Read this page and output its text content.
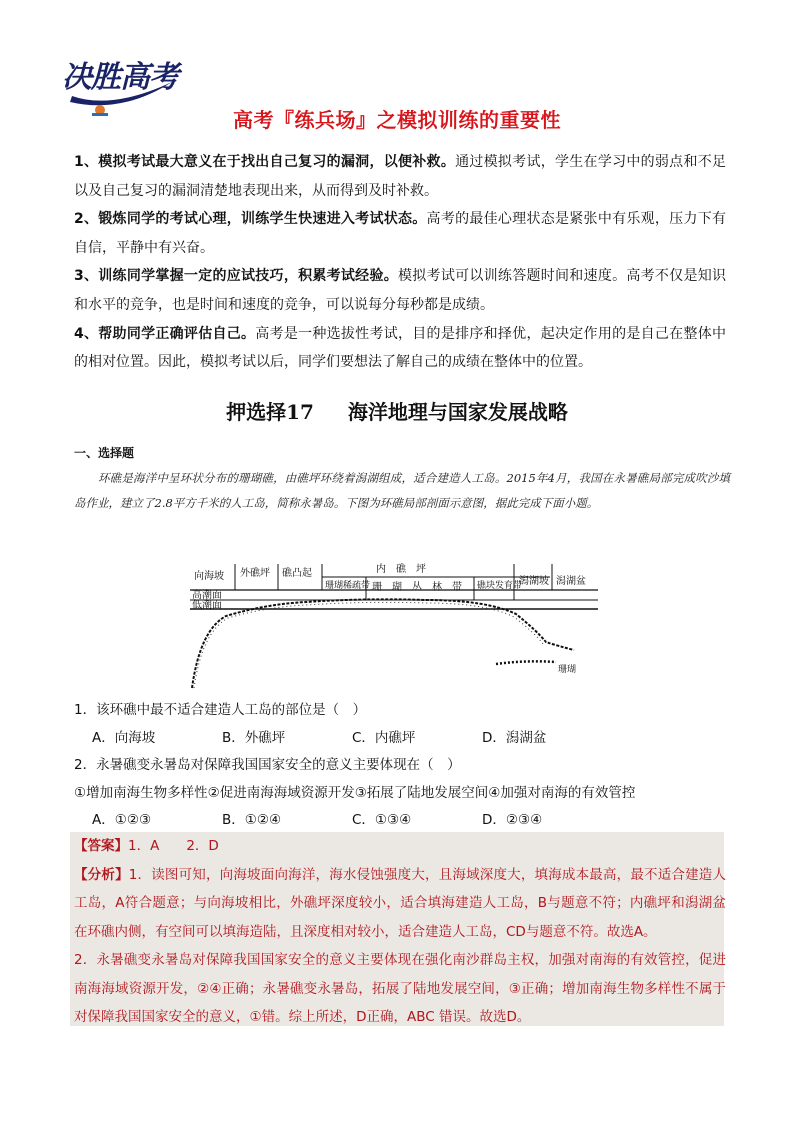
决胜高考
高考『练兵场』之模拟训练的重要性

1、模拟考试最大意义在于找出自己复习的漏洞，以便补救。通过模拟考试，学生在学习中的弱点和不足以及自己复习的漏洞清楚地表现出来，从而得到及时补救。

2、锻炼同学的考试心理，训练学生快速进入考试状态。高考的最佳心理状态是紧张中有乐观，压力下有自信，平静中有兴奋。

3、训练同学掌握一定的应试技巧，积累考试经验。模拟考试可以训练答题时间和速度。高考不仅是知识和水平的竞争，也是时间和速度的竞争，可以说每分每秒都是成绩。

4、帮助同学正确评估自己。高考是一种选拔性考试，目的是排序和择优，起决定作用的是自己在整体中的相对位置。因此，模拟考试以后，同学们要想法了解自己的成绩在整体中的位置。

押选择17 海洋地理与国家发展战略
一、选择题

环礁是海洋中呈环状分布的珊瑚礁，由礁坪环绕着潟湖组成，适合建造人工岛。2015年4月，我国在永暑礁局部完成吹沙填岛作业，建立了2.8平方千米的人工岛，简称永暑岛。下图为环礁局部剖面示意图，据此完成下面小题。

向海坡 外礁坪 礁凸起	内　礁　坪
珊瑚稀疏带 珊　瑚　丛　林　带 礁块发育带
潟湖坡 潟湖盆
高潮面
低潮面
珊瑚
1．该环礁中最不适合建造人工岛的部位是（　）
A．向海坡	B．外礁坪	C．内礁坪	D．潟湖盆
2．永暑礁变永暑岛对保障我国国家安全的意义主要体现在（　）
①增加南海生物多样性②促进南海海域资源开发③拓展了陆地发展空间④加强对南海的有效管控
A．①②③	B．①②④	C．①③④	D．②③④

【答案】1．A　　2．D

【分析】1．读图可知，向海坡面向海洋，海水侵蚀强度大，且海域深度大，填海成本最高，最不适合建造人工岛，A符合题意；与向海坡相比，外礁坪深度较小，适合填海建造人工岛，B与题意不符；内礁坪和潟湖盆在环礁内侧，有空间可以填海造陆，且深度相对较小，适合建造人工岛，CD与题意不符。故选A。

2．永暑礁变永暑岛对保障我国国家安全的意义主要体现在强化南沙群岛主权，加强对南海的有效管控，促进南海海域资源开发，②④正确；永暑礁变永暑岛，拓展了陆地发展空间，③正确；增加南海生物多样性不属于对保障我国国家安全的意义，①错。综上所述，D正确，ABC 错误。故选D。
